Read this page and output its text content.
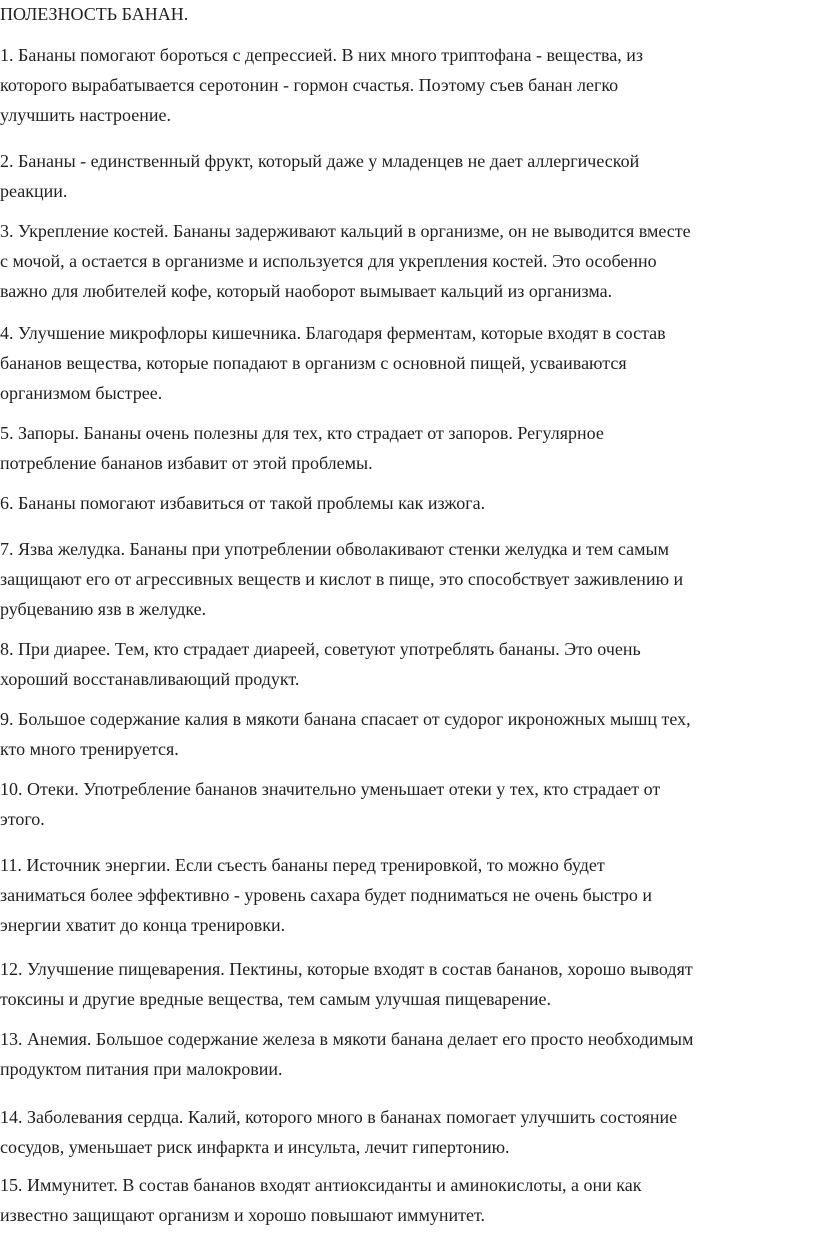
ПОЛЕЗНОСТЬ БАНАН.
1. Бананы помогают бороться с депрессией. В них много триптофана - вещества, из
которого вырабатывается серотонин - гормон счастья. Поэтому съев банан легко
улучшить настроение.
2. Бананы - единственный фрукт, который даже у младенцев не дает аллергической
реакции.
3. Укрепление костей. Бананы задерживают кальций в организме, он не выводится вместе
с мочой, а остается в организме и используется для укрепления костей. Это особенно
важно для любителей кофе, который наоборот вымывает кальций из организма.
4. Улучшение микрофлоры кишечника. Благодаря ферментам, которые входят в состав
бананов вещества, которые попадают в организм с основной пищей, усваиваются
организмом быстрее.
5. Запоры. Бананы очень полезны для тех, кто страдает от запоров. Регулярное
потребление бананов избавит от этой проблемы.
6. Бананы помогают избавиться от такой проблемы как изжога.
7. Язва желудка. Бананы при употреблении обволакивают стенки желудка и тем самым
защищают его от агрессивных веществ и кислот в пище, это способствует заживлению и
рубцеванию язв в желудке.
8. При диарее. Тем, кто страдает диареей, советуют употреблять бананы. Это очень
хороший восстанавливающий продукт.
9. Большое содержание калия в мякоти банана спасает от судорог икроножных мышц тех,
кто много тренируется.
10. Отеки. Употребление бананов значительно уменьшает отеки у тех, кто страдает от
этого.
11. Источник энергии. Если съесть бананы перед тренировкой, то можно будет
заниматься более эффективно - уровень сахара будет подниматься не очень быстро и
энергии хватит до конца тренировки.
12. Улучшение пищеварения. Пектины, которые входят в состав бананов, хорошо выводят
токсины и другие вредные вещества, тем самым улучшая пищеварение.
13. Анемия. Большое содержание железа в мякоти банана делает его просто необходимым
продуктом питания при малокровии.
14. Заболевания сердца. Калий, которого много в бананах помогает улучшить состояние
сосудов, уменьшает риск инфаркта и инсульта, лечит гипертонию.
15. Иммунитет. В состав бананов входят антиоксиданты и аминокислоты, а они как
известно защищают организм и хорошо повышают иммунитет.
